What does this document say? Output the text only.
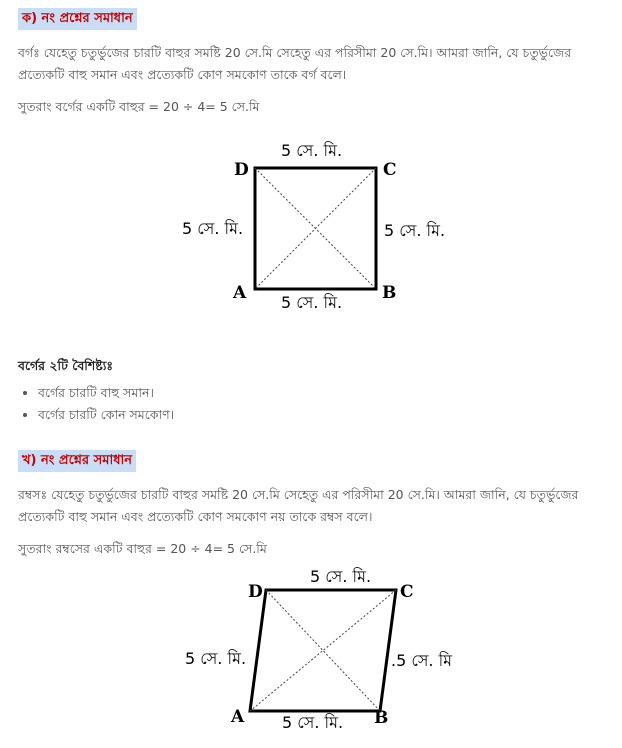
ক) নং প্রশ্নের সমাধান
বর্গঃ যেহেতু চতুর্ভুজের চারটি বাহুর সমষ্টি 20 সে.মি সেহেতু এর পরিসীমা 20 সে.মি। আমরা জানি, যে চতুর্ভুজের প্রত্যেকটি বাহু সমান এবং প্রত্যেকটি কোণ সমকোণ তাকে বর্গ বলে।
সুতরাং বর্গের একটি বাহুর = 20 ÷ 4= 5 সে.মি
D	C
A	B
5 সে. মি.
5 সে. মি.	5 সে. মি.
5 সে. মি.
বর্গের ২টি বৈশিষ্ট্যঃ
• বর্গের চারটি বাহু সমান।
• বর্গের চারটি কোন সমকোণ।
খ) নং প্রশ্নের সমাধান
রম্বসঃ যেহেতু চতুর্ভুজের চারটি বাহুর সমষ্টি 20 সে.মি সেহেতু এর পরিসীমা 20 সে.মি। আমরা জানি, যে চতুর্ভুজের প্রত্যেকটি বাহু সমান এবং প্রত্যেকটি কোণ সমকোণ নয় তাকে রম্বস বলে।
সুতরাং রম্বসের একটি বাহুর = 20 ÷ 4= 5 সে.মি
D	C
A	B
5 সে. মি.
5 সে. মি.	.5 সে. মি
5 সে. মি.
